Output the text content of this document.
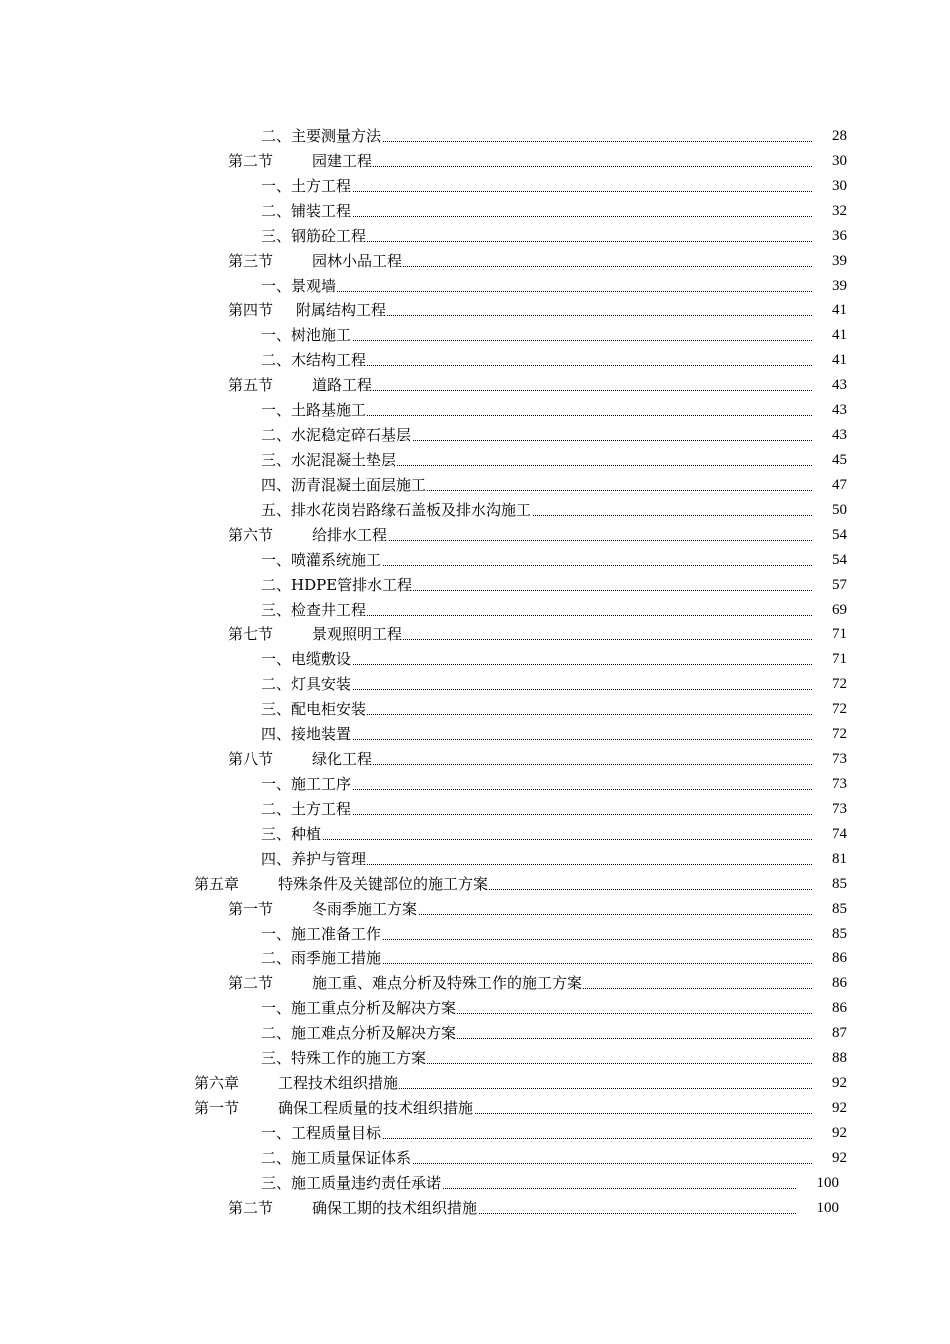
二、主要测量方法	28
第二节	园建工程	30
一、土方工程	30
二、铺装工程	32
三、钢筋砼工程	36
第三节	园林小品工程	39
一、景观墙	39
第四节 附属结构工程	41
一、树池施工	41
二、木结构工程	41
第五节	道路工程	43
一、土路基施工	43
二、水泥稳定碎石基层	43
三、水泥混凝土垫层	45
四、沥青混凝土面层施工	47
五、排水花岗岩路缘石盖板及排水沟施工	50
第六节	给排水工程	54
一、喷灌系统施工	54
二、HDPE管排水工程	57
三、检查井工程	69
第七节	景观照明工程	71
一、电缆敷设	71
二、灯具安装	72
三、配电柜安装	72
四、接地装置	72
第八节	绿化工程	73
一、施工工序	73
二、土方工程	73
三、种植	74
四、养护与管理	81
第五章	特殊条件及关键部位的施工方案	85
第一节	冬雨季施工方案	85
一、施工准备工作	85
二、雨季施工措施	86
第二节	施工重、难点分析及特殊工作的施工方案	86
一、施工重点分析及解决方案	86
二、施工难点分析及解决方案	87
三、特殊工作的施工方案	88
第六章	工程技术组织措施	92
第一节	确保工程质量的技术组织措施	92
一、工程质量目标	92
二、施工质量保证体系	92
三、施工质量违约责任承诺	100
第二节	确保工期的技术组织措施	100
